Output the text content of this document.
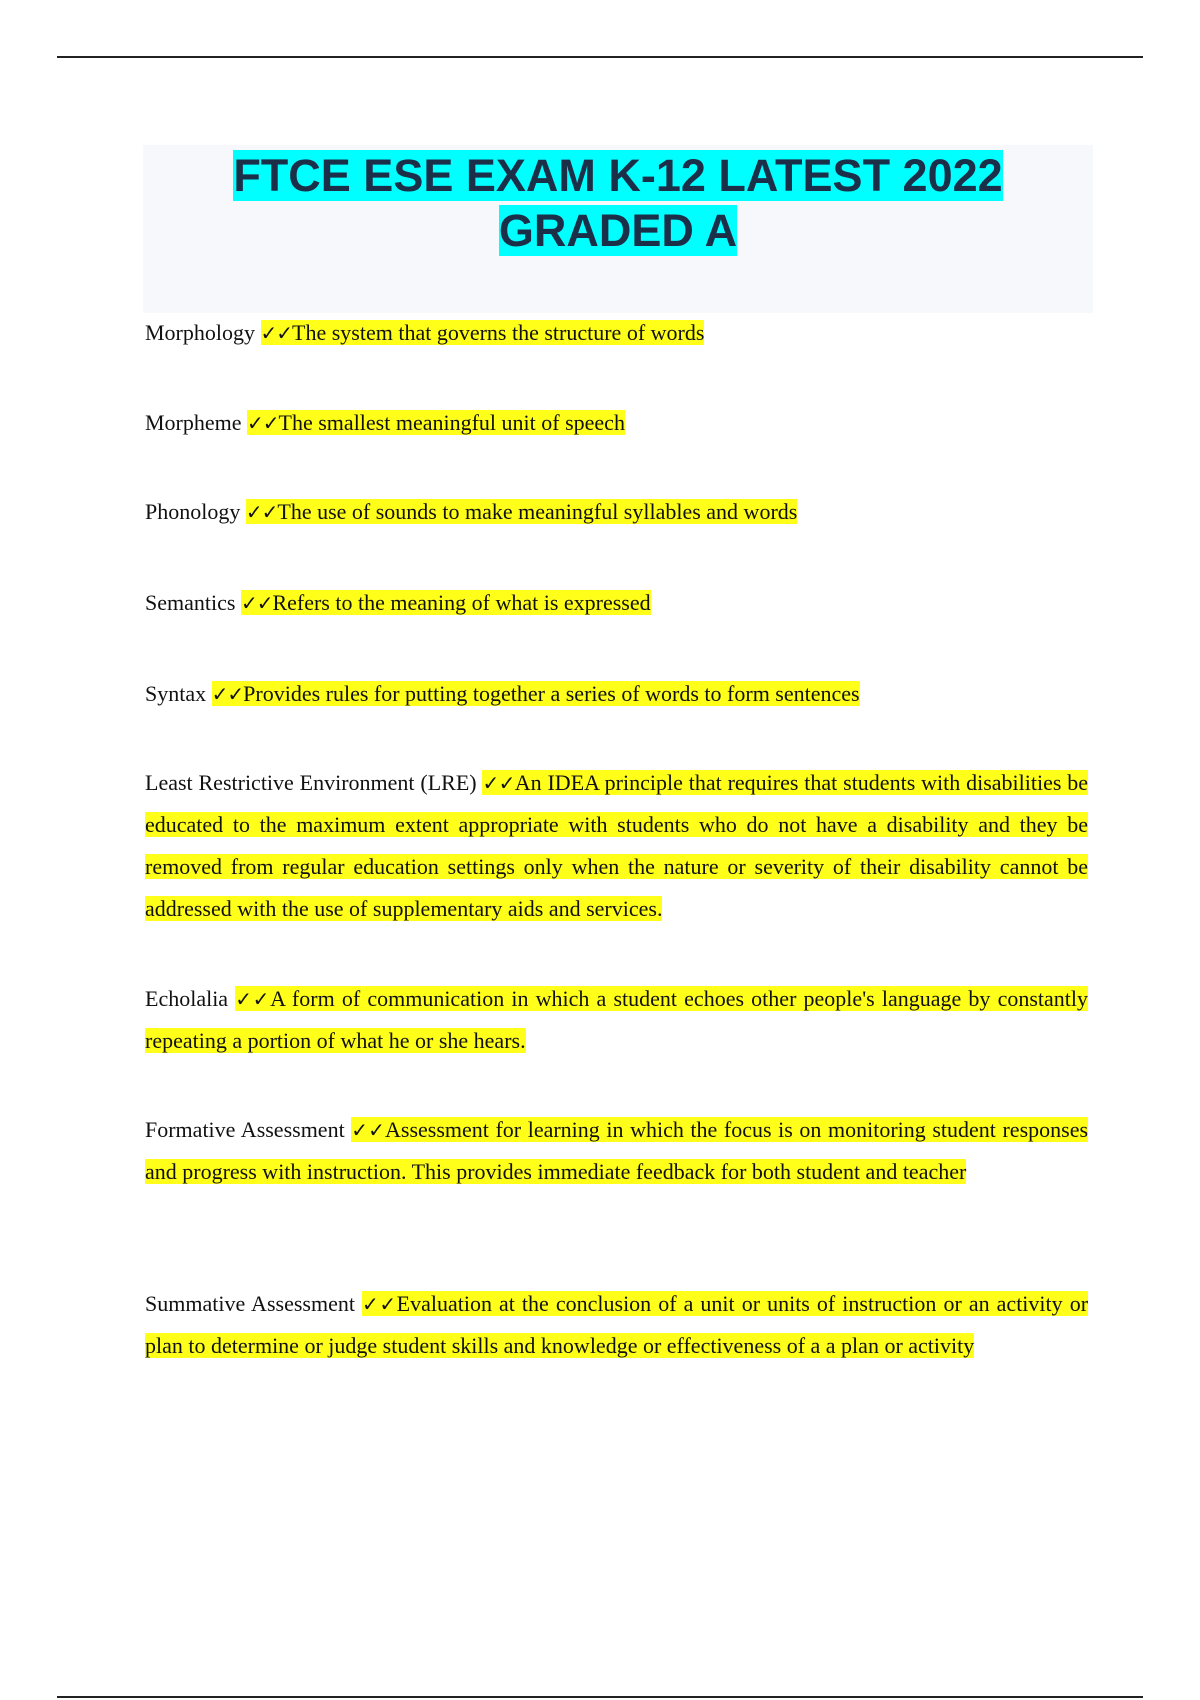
FTCE ESE EXAM K-12 LATEST 2022 GRADED A

Morphology ✓✓The system that governs the structure of words

Morpheme ✓✓The smallest meaningful unit of speech

Phonology ✓✓The use of sounds to make meaningful syllables and words

Semantics ✓✓Refers to the meaning of what is expressed

Syntax ✓✓Provides rules for putting together a series of words to form sentences

Least Restrictive Environment (LRE) ✓✓An IDEA principle that requires that students with disabilities be educated to the maximum extent appropriate with students who do not have a disability and they be removed from regular education settings only when the nature or severity of their disability cannot be addressed with the use of supplementary aids and services.

Echolalia ✓✓A form of communication in which a student echoes other people's language by constantly repeating a portion of what he or she hears.

Formative Assessment ✓✓Assessment for learning in which the focus is on monitoring student responses and progress with instruction. This provides immediate feedback for both student and teacher

Summative Assessment ✓✓Evaluation at the conclusion of a unit or units of instruction or an activity or plan to determine or judge student skills and knowledge or effectiveness of a a plan or activity
